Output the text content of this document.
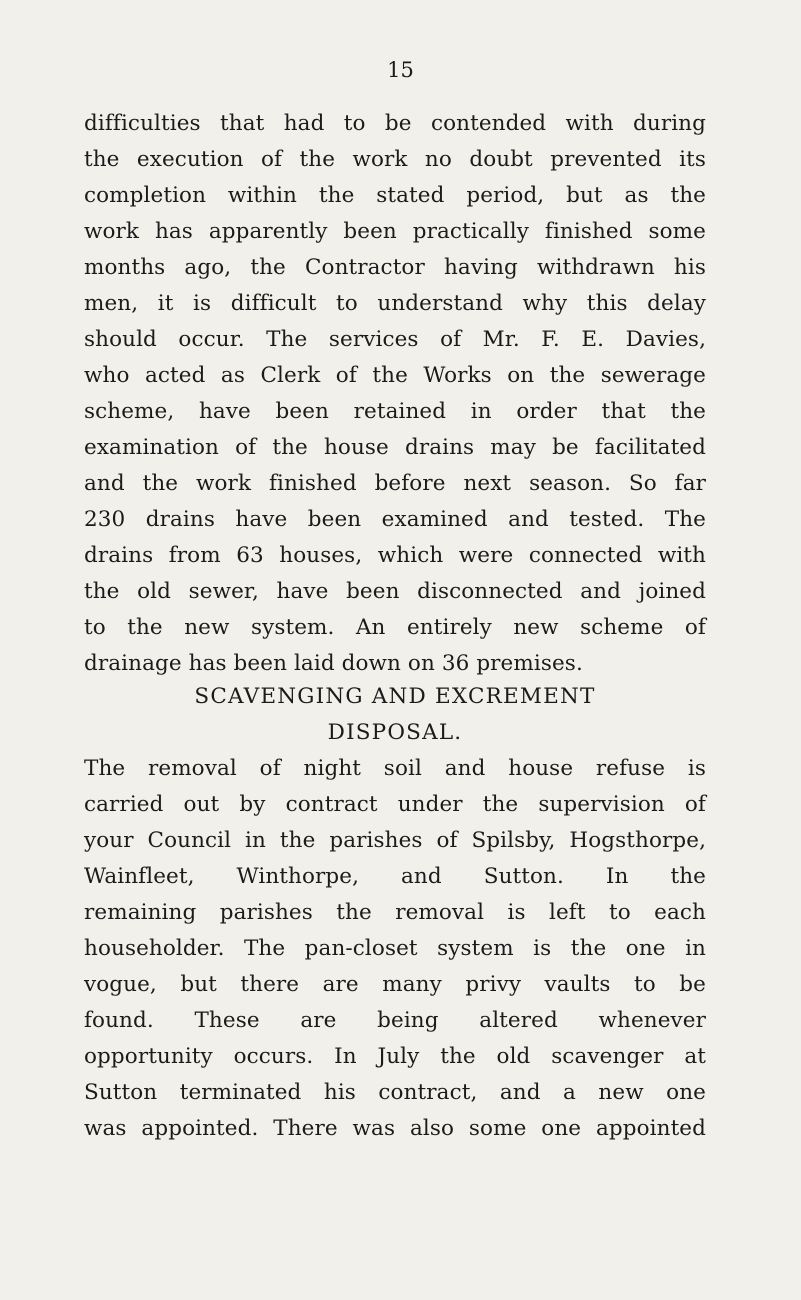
15

difficulties that had to be contended with during
the execution of the work no doubt prevented its
completion within the stated period, but as the
work has apparently been practically finished some
months ago, the Contractor having withdrawn his
men, it is difficult to understand why this delay
should occur. The services of Mr. F. E. Davies,
who acted as Clerk of the Works on the sewerage
scheme, have been retained in order that the
examination of the house drains may be facilitated
and the work finished before next season. So far
230 drains have been examined and tested. The
drains from 63 houses, which were connected with
the old sewer, have been disconnected and joined
to the new system. An entirely new scheme of
drainage has been laid down on 36 premises.
SCAVENGING AND EXCREMENT
DISPOSAL.
The removal of night soil and house refuse is
carried out by contract under the supervision of
your Council in the parishes of Spilsby, Hogsthorpe,
Wainfleet, Winthorpe, and Sutton. In the
remaining parishes the removal is left to each
householder. The pan-closet system is the one in
vogue, but there are many privy vaults to be
found. These are being altered whenever
opportunity occurs. In July the old scavenger at
Sutton terminated his contract, and a new one
was appointed. There was also some one appointed
